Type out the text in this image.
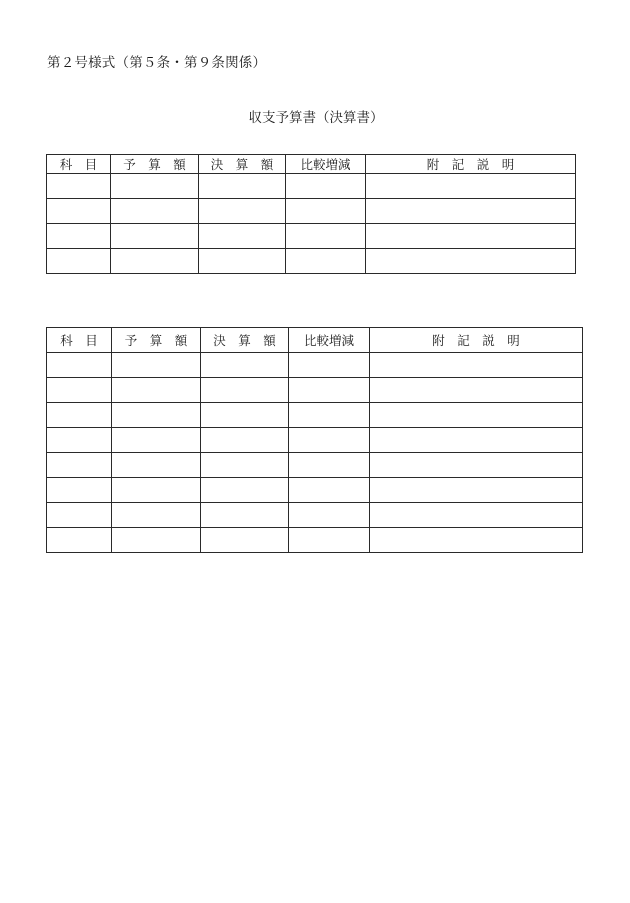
第２号様式（第５条・第９条関係）
収支予算書（決算書）
科　目	予　算　額	決　算　額	比較増減	附　記　説　明

科　目	予　算　額	決　算　額	比較増減	附　記　説　明
